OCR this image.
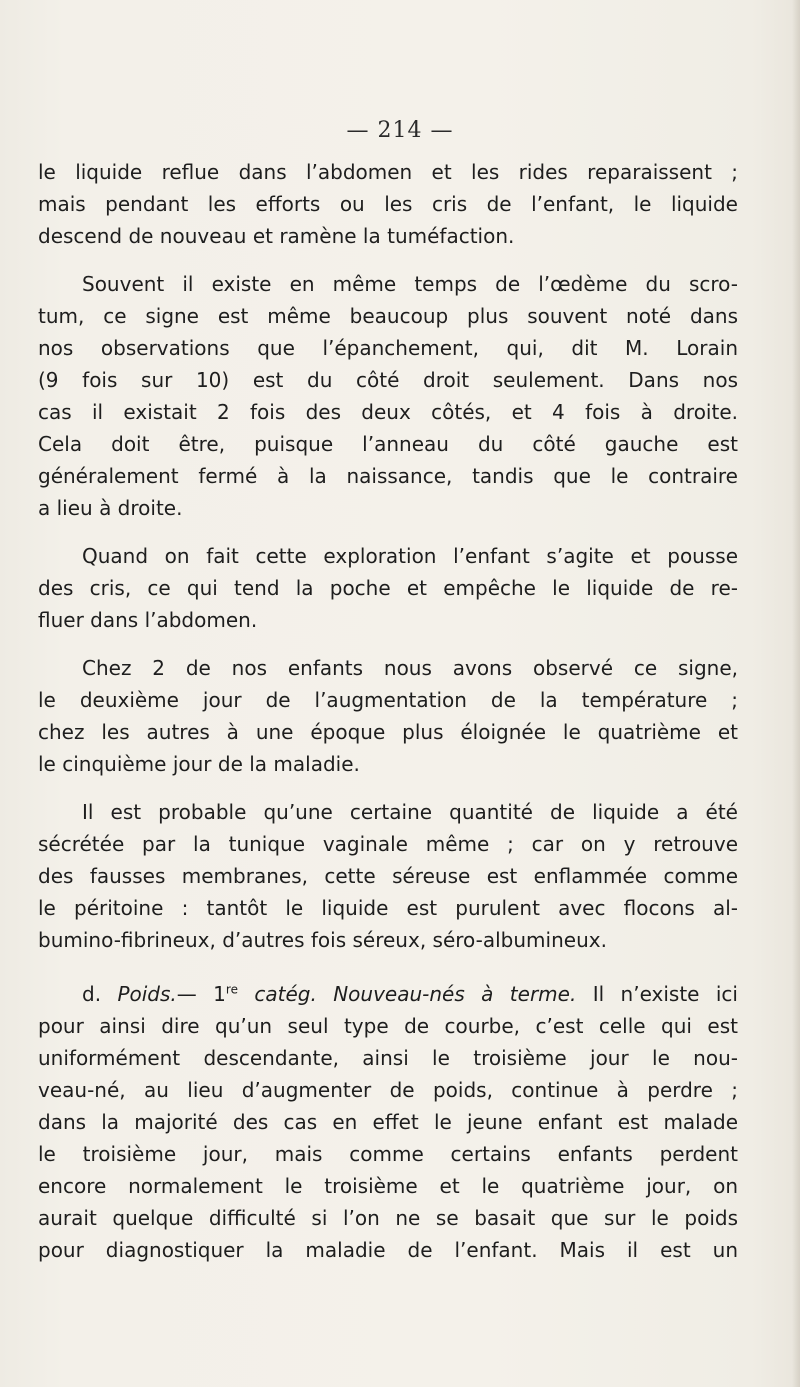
— 214 —
le liquide reflue dans l’abdomen et les rides reparaissent ;
mais pendant les efforts ou les cris de l’enfant, le liquide
descend de nouveau et ramène la tuméfaction.
Souvent il existe en même temps de l’œdème du scro-
tum, ce signe est même beaucoup plus souvent noté dans
nos observations que l’épanchement, qui, dit M. Lorain
(9 fois sur 10) est du côté droit seulement. Dans nos
cas il existait 2 fois des deux côtés, et 4 fois à droite.
Cela doit être, puisque l’anneau du côté gauche est
généralement fermé à la naissance, tandis que le contraire
a lieu à droite.
Quand on fait cette exploration l’enfant s’agite et pousse
des cris, ce qui tend la poche et empêche le liquide de re-
fluer dans l’abdomen.
Chez 2 de nos enfants nous avons observé ce signe,
le deuxième jour de l’augmentation de la température ;
chez les autres à une époque plus éloignée le quatrième et
le cinquième jour de la maladie.
Il est probable qu’une certaine quantité de liquide a été
sécrétée par la tunique vaginale même ; car on y retrouve
des fausses membranes, cette séreuse est enflammée comme
le péritoine : tantôt le liquide est purulent avec flocons al-
bumino-fibrineux, d’autres fois séreux, séro-albumineux.
d. Poids.— 1re catég. Nouveau-nés à terme. Il n’existe ici
pour ainsi dire qu’un seul type de courbe, c’est celle qui est
uniformément descendante, ainsi le troisième jour le nou-
veau-né, au lieu d’augmenter de poids, continue à perdre ;
dans la majorité des cas en effet le jeune enfant est malade
le troisième jour, mais comme certains enfants perdent
encore normalement le troisième et le quatrième jour, on
aurait quelque difficulté si l’on ne se basait que sur le poids
pour diagnostiquer la maladie de l’enfant. Mais il est un
